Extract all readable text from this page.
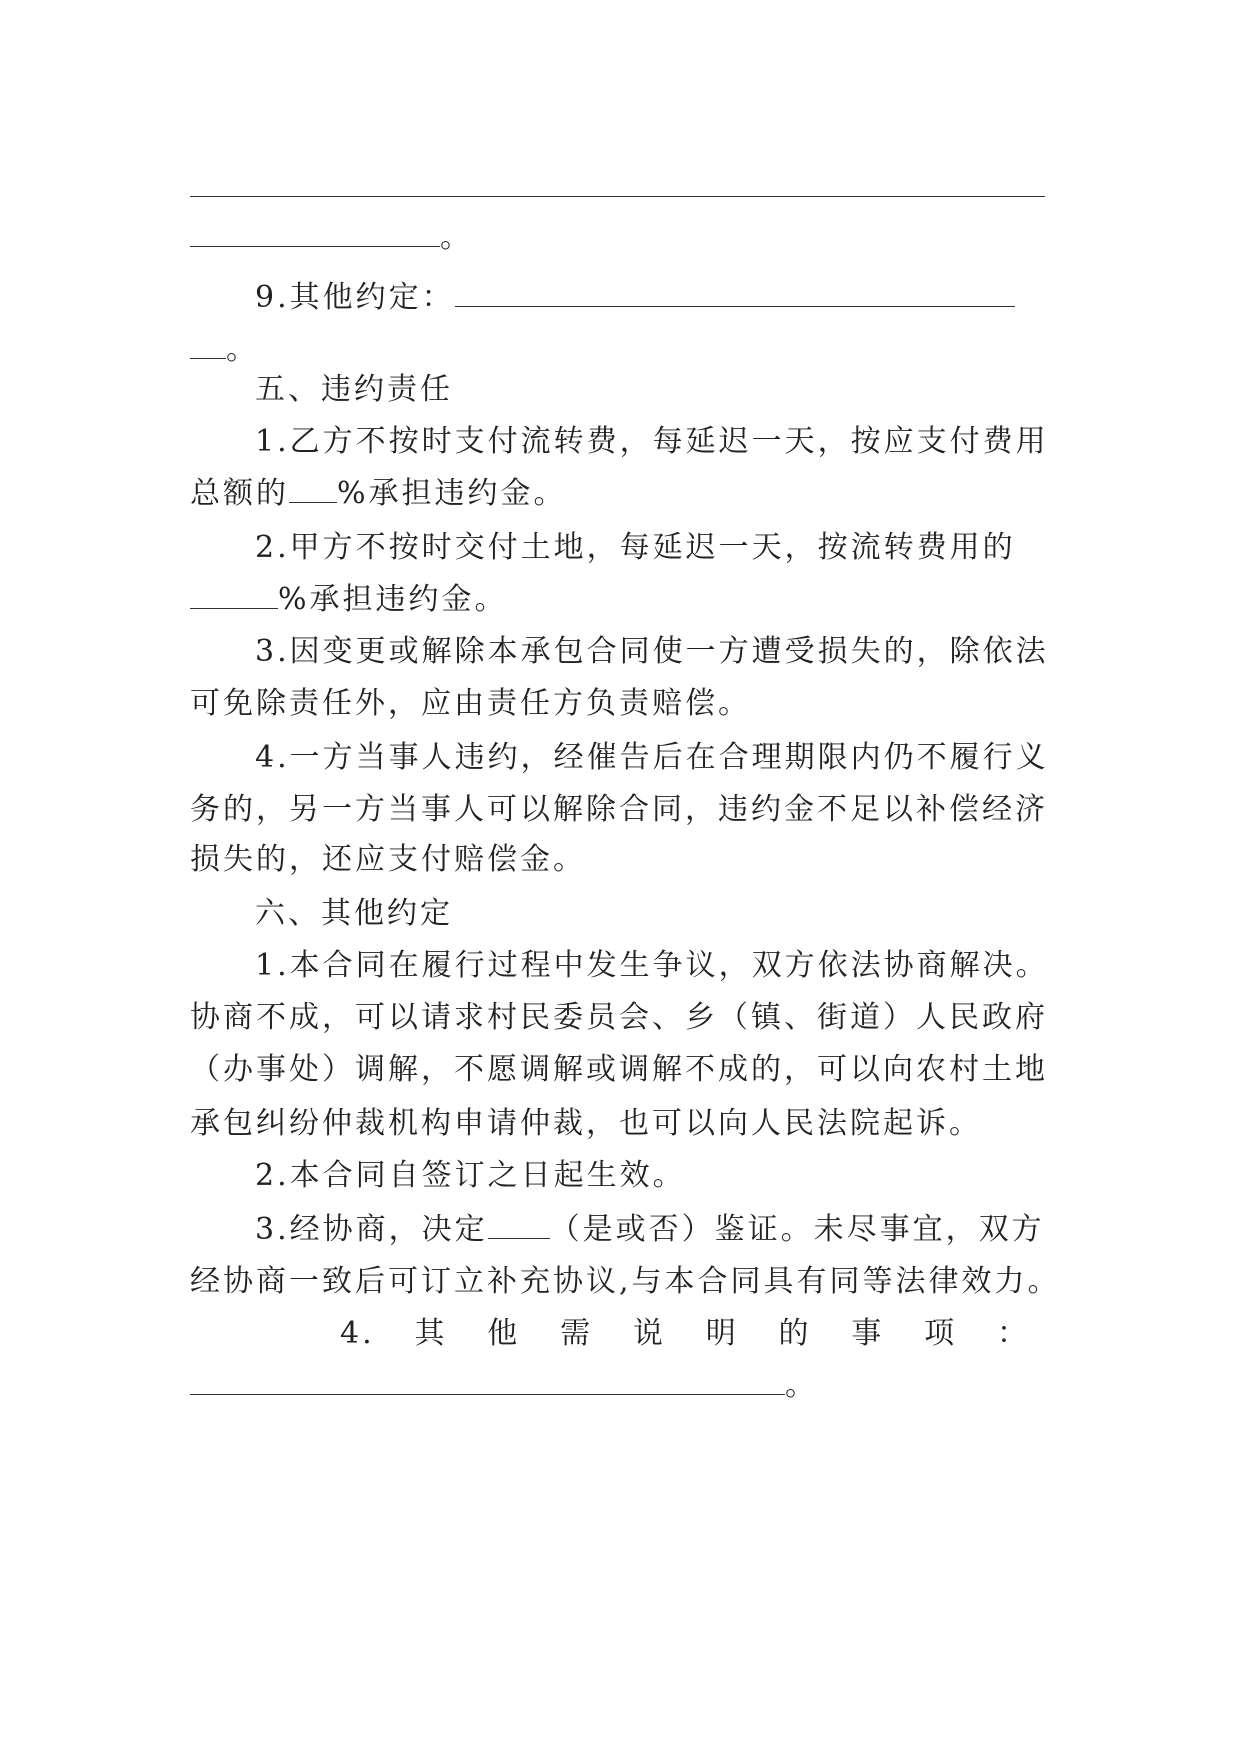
。
9.其他约定：
。
五、违约责任
1.乙方不按时支付流转费，每延迟一天，按应支付费用
总额的 %承担违约金。
2.甲方不按时交付土地，每延迟一天，按流转费用的
%承担违约金。
3.因变更或解除本承包合同使一方遭受损失的，除依法
可免除责任外，应由责任方负责赔偿。
4.一方当事人违约，经催告后在合理期限内仍不履行义
务的，另一方当事人可以解除合同，违约金不足以补偿经济
损失的，还应支付赔偿金。
六、其他约定
1.本合同在履行过程中发生争议，双方依法协商解决。
协商不成，可以请求村民委员会、乡（镇、街道）人民政府
（办事处）调解，不愿调解或调解不成的，可以向农村土地
承包纠纷仲裁机构申请仲裁，也可以向人民法院起诉。
2.本合同自签订之日起生效。
3.经协商，决定 （是或否）鉴证。未尽事宜，双方
经协商一致后可订立补充协议,与本合同具有同等法律效力。
4. 其 他 需 说 明 的 事 项 ：
。
